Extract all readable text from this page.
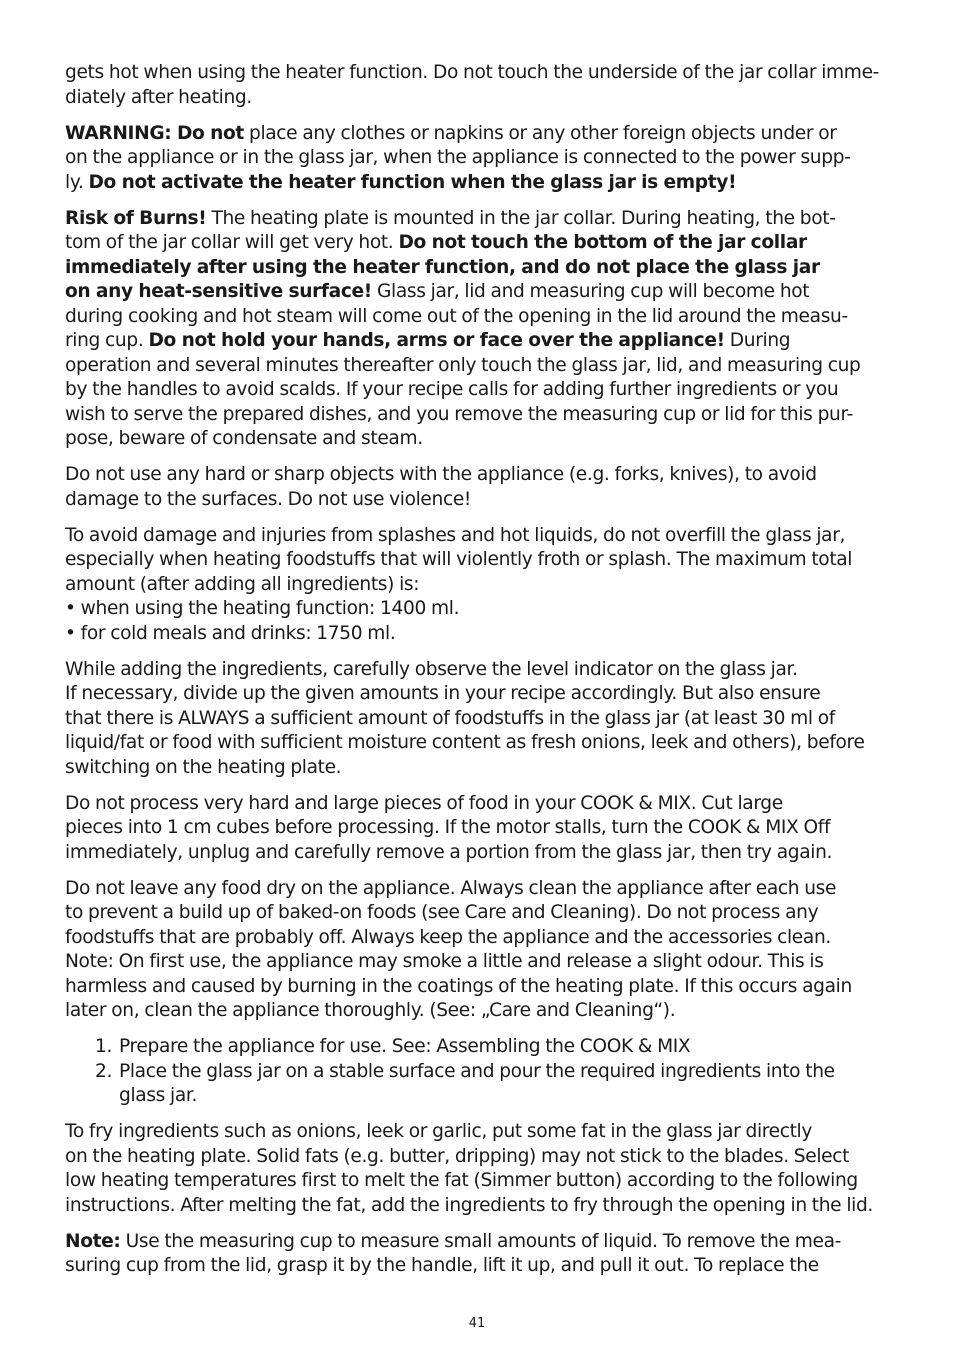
gets hot when using the heater function. Do not touch the underside of the jar collar imme-
diately after heating.

WARNING: Do not place any clothes or napkins or any other foreign objects under or
on the appliance or in the glass jar, when the appliance is connected to the power supp-
ly. Do not activate the heater function when the glass jar is empty!

Risk of Burns! The heating plate is mounted in the jar collar. During heating, the bot-
tom of the jar collar will get very hot. Do not touch the bottom of the jar collar
immediately after using the heater function, and do not place the glass jar
on any heat-sensitive surface! Glass jar, lid and measuring cup will become hot
during cooking and hot steam will come out of the opening in the lid around the measu-
ring cup. Do not hold your hands, arms or face over the appliance! During
operation and several minutes thereafter only touch the glass jar, lid, and measuring cup
by the handles to avoid scalds. If your recipe calls for adding further ingredients or you
wish to serve the prepared dishes, and you remove the measuring cup or lid for this pur-
pose, beware of condensate and steam.

Do not use any hard or sharp objects with the appliance (e.g. forks, knives), to avoid
damage to the surfaces. Do not use violence!

To avoid damage and injuries from splashes and hot liquids, do not overfill the glass jar,
especially when heating foodstuffs that will violently froth or splash. The maximum total
amount (after adding all ingredients) is:
• when using the heating function: 1400 ml.
• for cold meals and drinks: 1750 ml.

While adding the ingredients, carefully observe the level indicator on the glass jar.
If necessary, divide up the given amounts in your recipe accordingly. But also ensure
that there is ALWAYS a sufficient amount of foodstuffs in the glass jar (at least 30 ml of
liquid/fat or food with sufficient moisture content as fresh onions, leek and others), before
switching on the heating plate.

Do not process very hard and large pieces of food in your COOK & MIX. Cut large
pieces into 1 cm cubes before processing. If the motor stalls, turn the COOK & MIX Off
immediately, unplug and carefully remove a portion from the glass jar, then try again.

Do not leave any food dry on the appliance. Always clean the appliance after each use
to prevent a build up of baked-on foods (see Care and Cleaning). Do not process any
foodstuffs that are probably off. Always keep the appliance and the accessories clean.
Note: On first use, the appliance may smoke a little and release a slight odour. This is
harmless and caused by burning in the coatings of the heating plate. If this occurs again
later on, clean the appliance thoroughly. (See: „Care and Cleaning“).

1. Prepare the appliance for use. See: Assembling the COOK & MIX
2. Place the glass jar on a stable surface and pour the required ingredients into the
glass jar.

To fry ingredients such as onions, leek or garlic, put some fat in the glass jar directly
on the heating plate. Solid fats (e.g. butter, dripping) may not stick to the blades. Select
low heating temperatures first to melt the fat (Simmer button) according to the following
instructions. After melting the fat, add the ingredients to fry through the opening in the lid.

Note: Use the measuring cup to measure small amounts of liquid. To remove the mea-
suring cup from the lid, grasp it by the handle, lift it up, and pull it out. To replace the

41
